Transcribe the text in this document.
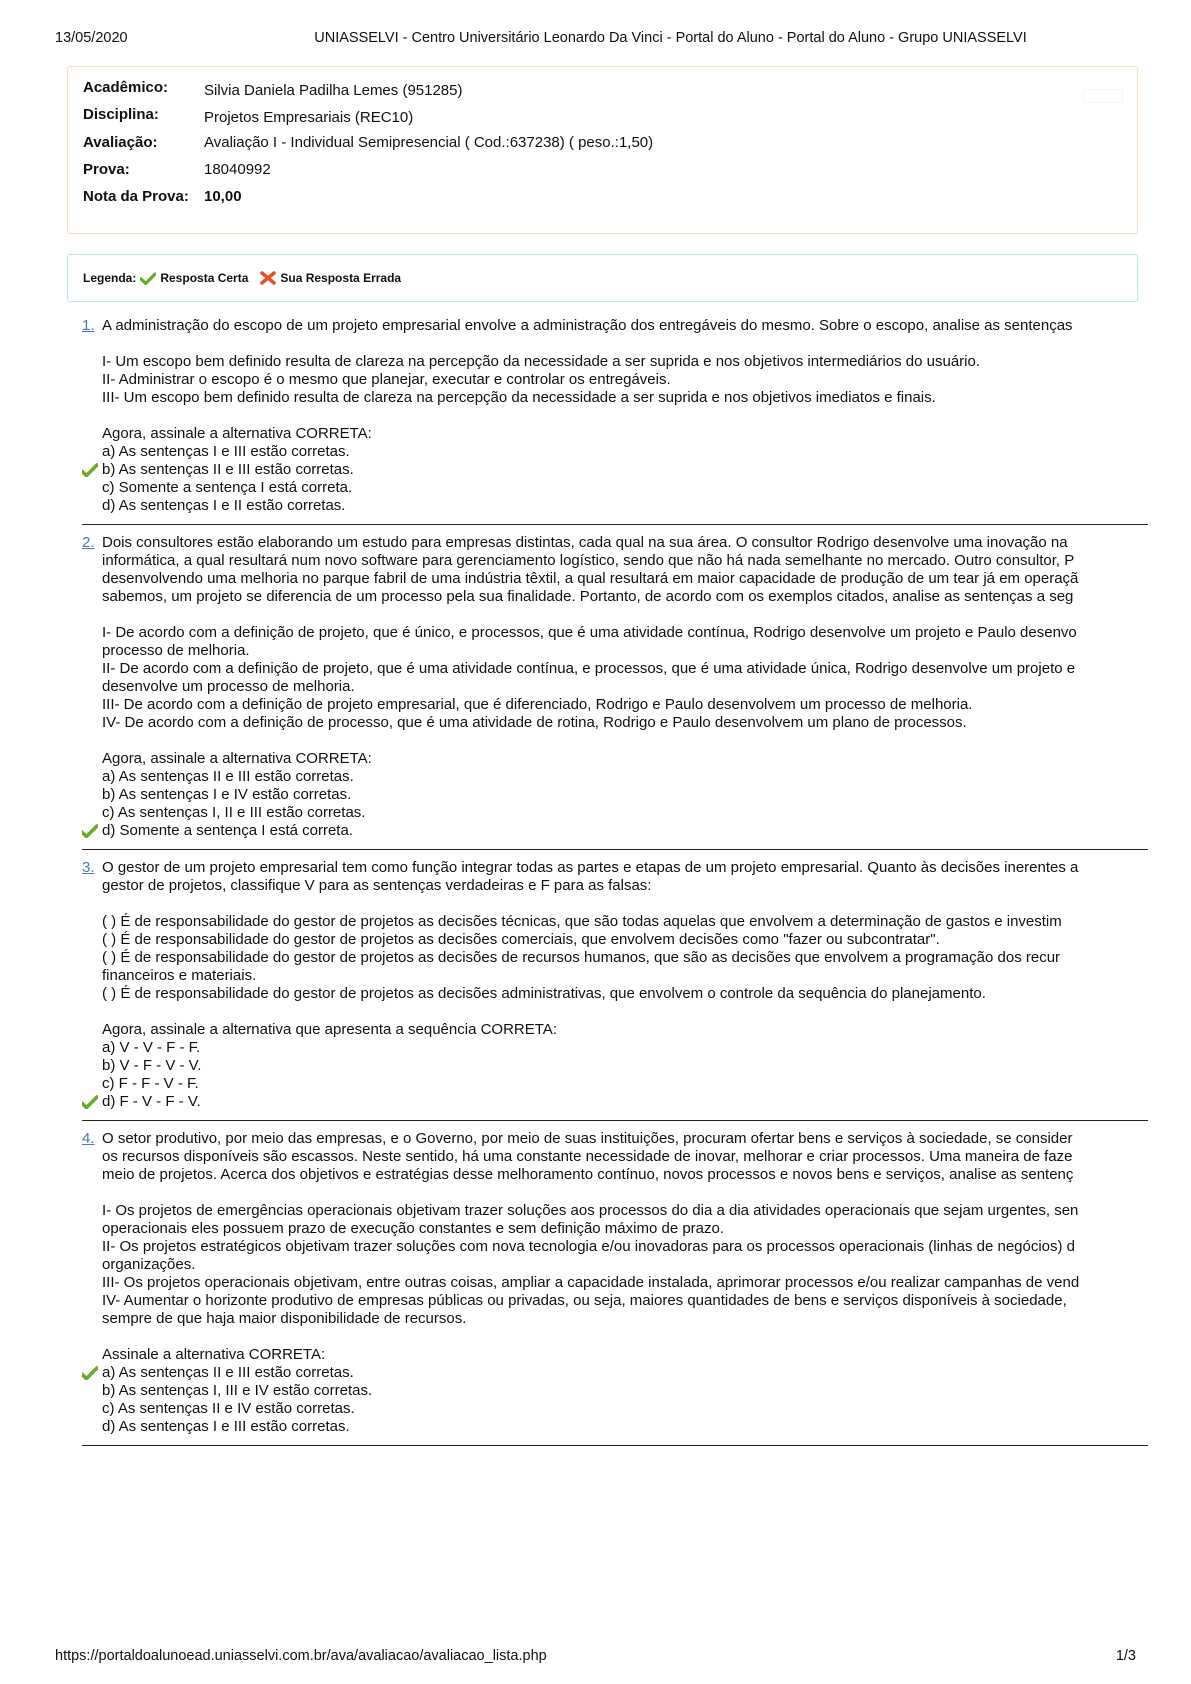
13/05/2020	UNIASSELVI - Centro Universitário Leonardo Da Vinci - Portal do Aluno - Portal do Aluno - Grupo UNIASSELVI
Acadêmico: Silvia Daniela Padilha Lemes (951285)
Disciplina:	Projetos Empresariais (REC10)
Avaliação:	Avaliação I - Individual Semipresencial ( Cod.:637238) ( peso.:1,50)
Prova:	18040992
Nota da Prova: 10,00
Legenda: Resposta Certa	Sua Resposta Errada
1. A administração do escopo de um projeto empresarial envolve a administração dos entregáveis do mesmo. Sobre o escopo, analise as sentenças
I- Um escopo bem definido resulta de clareza na percepção da necessidade a ser suprida e nos objetivos intermediários do usuário.
II- Administrar o escopo é o mesmo que planejar, executar e controlar os entregáveis.
III- Um escopo bem definido resulta de clareza na percepção da necessidade a ser suprida e nos objetivos imediatos e finais.
Agora, assinale a alternativa CORRETA:
a) As sentenças I e III estão corretas.
b) As sentenças II e III estão corretas.
c) Somente a sentença I está correta.
d) As sentenças I e II estão corretas.
2. Dois consultores estão elaborando um estudo para empresas distintas, cada qual na sua área. O consultor Rodrigo desenvolve uma inovação na
informática, a qual resultará num novo software para gerenciamento logístico, sendo que não há nada semelhante no mercado. Outro consultor, P
desenvolvendo uma melhoria no parque fabril de uma indústria têxtil, a qual resultará em maior capacidade de produção de um tear já em operaçã
sabemos, um projeto se diferencia de um processo pela sua finalidade. Portanto, de acordo com os exemplos citados, analise as sentenças a seg
I- De acordo com a definição de projeto, que é único, e processos, que é uma atividade contínua, Rodrigo desenvolve um projeto e Paulo desenvo
processo de melhoria.
II- De acordo com a definição de projeto, que é uma atividade contínua, e processos, que é uma atividade única, Rodrigo desenvolve um projeto e
desenvolve um processo de melhoria.
III- De acordo com a definição de projeto empresarial, que é diferenciado, Rodrigo e Paulo desenvolvem um processo de melhoria.
IV- De acordo com a definição de processo, que é uma atividade de rotina, Rodrigo e Paulo desenvolvem um plano de processos.
Agora, assinale a alternativa CORRETA:
a) As sentenças II e III estão corretas.
b) As sentenças I e IV estão corretas.
c) As sentenças I, II e III estão corretas.
d) Somente a sentença I está correta.
3. O gestor de um projeto empresarial tem como função integrar todas as partes e etapas de um projeto empresarial. Quanto às decisões inerentes a
gestor de projetos, classifique V para as sentenças verdadeiras e F para as falsas:
( ) É de responsabilidade do gestor de projetos as decisões técnicas, que são todas aquelas que envolvem a determinação de gastos e investim
( ) É de responsabilidade do gestor de projetos as decisões comerciais, que envolvem decisões como "fazer ou subcontratar".
( ) É de responsabilidade do gestor de projetos as decisões de recursos humanos, que são as decisões que envolvem a programação dos recur
financeiros e materiais.
( ) É de responsabilidade do gestor de projetos as decisões administrativas, que envolvem o controle da sequência do planejamento.
Agora, assinale a alternativa que apresenta a sequência CORRETA:
a) V - V - F - F.
b) V - F - V - V.
c) F - F - V - F.
d) F - V - F - V.
4. O setor produtivo, por meio das empresas, e o Governo, por meio de suas instituições, procuram ofertar bens e serviços à sociedade, se consider
os recursos disponíveis são escassos. Neste sentido, há uma constante necessidade de inovar, melhorar e criar processos. Uma maneira de faze
meio de projetos. Acerca dos objetivos e estratégias desse melhoramento contínuo, novos processos e novos bens e serviços, analise as sentenç
I- Os projetos de emergências operacionais objetivam trazer soluções aos processos do dia a dia atividades operacionais que sejam urgentes, sen
operacionais eles possuem prazo de execução constantes e sem definição máximo de prazo.
II- Os projetos estratégicos objetivam trazer soluções com nova tecnologia e/ou inovadoras para os processos operacionais (linhas de negócios) d
organizações.
III- Os projetos operacionais objetivam, entre outras coisas, ampliar a capacidade instalada, aprimorar processos e/ou realizar campanhas de vend
IV- Aumentar o horizonte produtivo de empresas públicas ou privadas, ou seja, maiores quantidades de bens e serviços disponíveis à sociedade,
sempre de que haja maior disponibilidade de recursos.
Assinale a alternativa CORRETA:
a) As sentenças II e III estão corretas.
b) As sentenças I, III e IV estão corretas.
c) As sentenças II e IV estão corretas.
d) As sentenças I e III estão corretas.
https://portaldoalunoead.uniasselvi.com.br/ava/avaliacao/avaliacao_lista.php	1/3
